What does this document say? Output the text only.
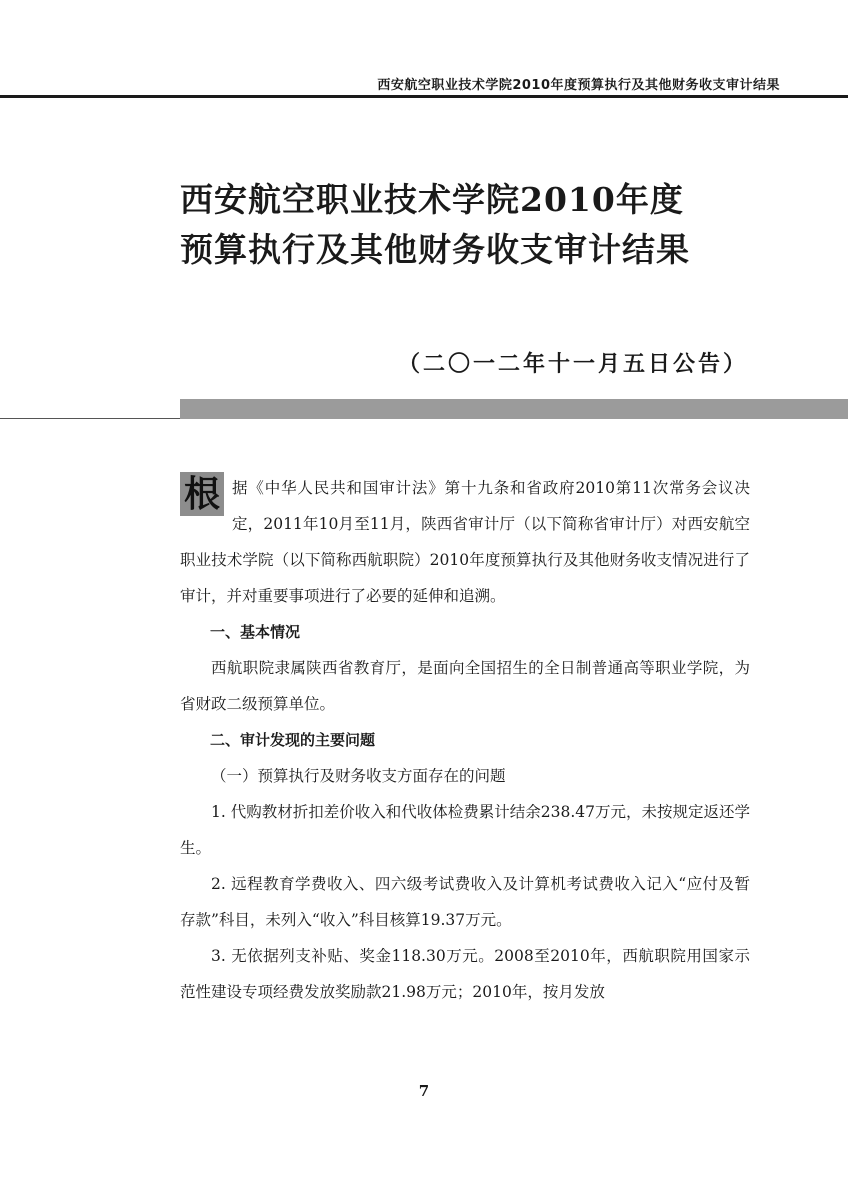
西安航空职业技术学院2010年度预算执行及其他财务收支审计结果
西安航空职业技术学院2010年度
预算执行及其他财务收支审计结果
（二〇一二年十一月五日公告）

根 据《中华人民共和国审计法》第十九条和省政府2010第11次常务会议决定，2011年10月至11月，陕西省审计厅（以下简称省审计厅）对西安航空职业技术学院（以下简称西航职院）2010年度预算执行及其他财务收支情况进行了审计，并对重要事项进行了必要的延伸和追溯。

一、基本情况

西航职院隶属陕西省教育厅，是面向全国招生的全日制普通高等职业学院，为省财政二级预算单位。

二、审计发现的主要问题

（一）预算执行及财务收支方面存在的问题

1. 代购教材折扣差价收入和代收体检费累计结余238.47万元，未按规定返还学生。

2. 远程教育学费收入、四六级考试费收入及计算机考试费收入记入“应付及暂存款”科目，未列入“收入”科目核算19.37万元。

3. 无依据列支补贴、奖金118.30万元。2008至2010年，西航职院用国家示范性建设专项经费发放奖励款21.98万元；2010年，按月发放

7
